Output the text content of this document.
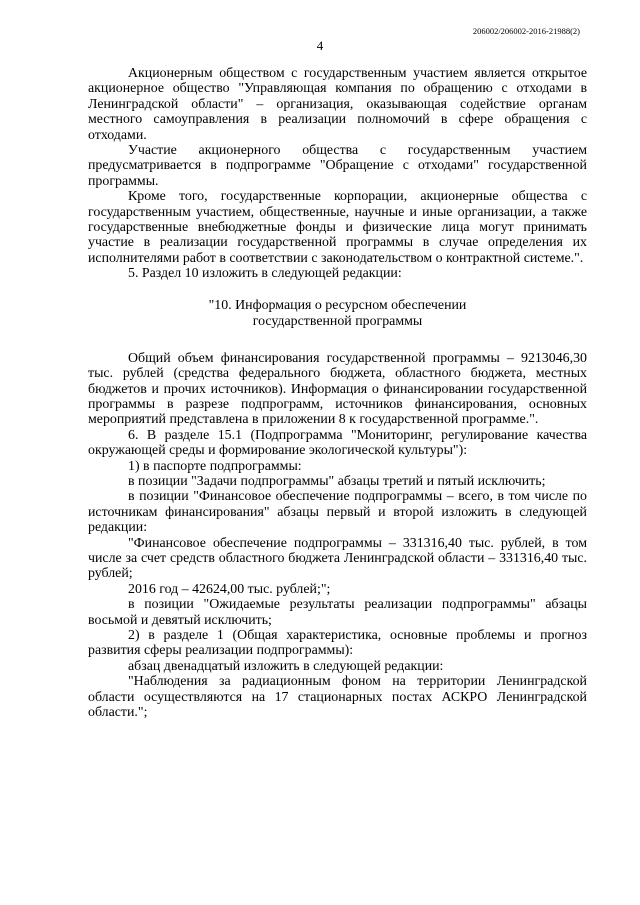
206002/206002-2016-21988(2)
4

Акционерным обществом с государственным участием является открытое акционерное общество "Управляющая компания по обращению с отходами в Ленинградской области" – организация, оказывающая содействие органам местного самоуправления в реализации полномочий в сфере обращения с отходами.

Участие акционерного общества с государственным участием предусматривается в подпрограмме "Обращение с отходами" государственной программы.

Кроме того, государственные корпорации, акционерные общества с государственным участием, общественные, научные и иные организации, а также государственные внебюджетные фонды и физические лица могут принимать участие в реализации государственной программы в случае определения их исполнителями работ в соответствии с законодательством о контрактной системе.".

5. Раздел 10 изложить в следующей редакции:

"10. Информация о ресурсном обеспечении
государственной программы

Общий объем финансирования государственной программы – 9213046,30 тыс. рублей (средства федерального бюджета, областного бюджета, местных бюджетов и прочих источников). Информация о финансировании государственной программы в разрезе подпрограмм, источников финансирования, основных мероприятий представлена в приложении 8 к государственной программе.".

6. В разделе 15.1 (Подпрограмма "Мониторинг, регулирование качества окружающей среды и формирование экологической культуры"):

1) в паспорте подпрограммы:

в позиции "Задачи подпрограммы" абзацы третий и пятый исключить;

в позиции "Финансовое обеспечение подпрограммы – всего, в том числе по источникам финансирования" абзацы первый и второй изложить в следующей редакции:

"Финансовое обеспечение подпрограммы – 331316,40 тыс. рублей, в том числе за счет средств областного бюджета Ленинградской области – 331316,40 тыс. рублей;

2016 год – 42624,00 тыс. рублей;";

в позиции "Ожидаемые результаты реализации подпрограммы" абзацы восьмой и девятый исключить;

2) в разделе 1 (Общая характеристика, основные проблемы и прогноз развития сферы реализации подпрограммы):

абзац двенадцатый изложить в следующей редакции:

"Наблюдения за радиационным фоном на территории Ленинградской области осуществляются на 17 стационарных постах АСКРО Ленинградской области.";
